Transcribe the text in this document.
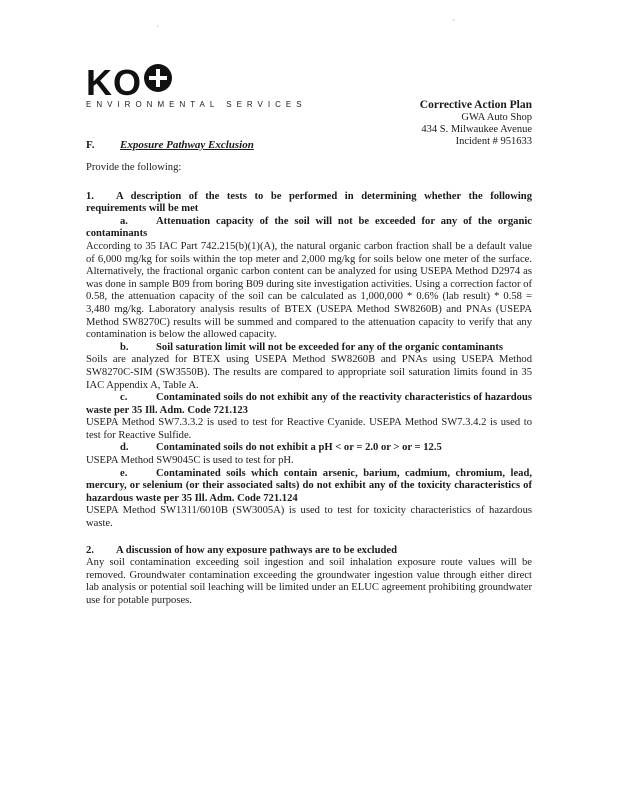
˙
ˊ
KO
ENVIRONMENTAL SERVICES	Corrective Action Plan
GWA Auto Shop
434 S. Milwaukee Avenue
Incident # 951633
F. Exposure Pathway Exclusion

Provide the following:

1. A description of the tests to be performed in determining whether the following requirements will be met

a.	Attenuation capacity of the soil will not be exceeded for any of the organic contaminants

According to 35 IAC Part 742.215(b)(1)(A), the natural organic carbon fraction shall be a default value of 6,000 mg/kg for soils within the top meter and 2,000 mg/kg for soils below one meter of the surface. Alternatively, the fractional organic carbon content can be analyzed for using USEPA Method D2974 as was done in sample B09 from boring B09 during site investigation activities. Using a correction factor of 0.58, the attenuation capacity of the soil can be calculated as 1,000,000 * 0.6% (lab result) * 0.58 = 3,480 mg/kg. Laboratory analysis results of BTEX (USEPA Method SW8260B) and PNAs (USEPA Method SW8270C) results will be summed and compared to the attenuation capacity to verify that any contamination is below the allowed capacity.

b.	Soil saturation limit will not be exceeded for any of the organic contaminants

Soils are analyzed for BTEX using USEPA Method SW8260B and PNAs using USEPA Method SW8270C-SIM (SW3550B). The results are compared to appropriate soil saturation limits found in 35 IAC Appendix A, Table A.

c.	Contaminated soils do not exhibit any of the reactivity characteristics of hazardous waste per 35 Ill. Adm. Code 721.123

USEPA Method SW7.3.3.2 is used to test for Reactive Cyanide. USEPA Method SW7.3.4.2 is used to test for Reactive Sulfide.

d.	Contaminated soils do not exhibit a pH < or = 2.0 or > or = 12.5

USEPA Method SW9045C is used to test for pH.

e.	Contaminated soils which contain arsenic, barium, cadmium, chromium, lead, mercury, or selenium (or their associated salts) do not exhibit any of the toxicity characteristics of hazardous waste per 35 Ill. Adm. Code 721.124

USEPA Method SW1311/6010B (SW3005A) is used to test for toxicity characteristics of hazardous waste.

2. A discussion of how any exposure pathways are to be excluded

Any soil contamination exceeding soil ingestion and soil inhalation exposure route values will be removed. Groundwater contamination exceeding the groundwater ingestion value through either direct lab analysis or potential soil leaching will be limited under an ELUC agreement prohibiting groundwater use for potable purposes.
